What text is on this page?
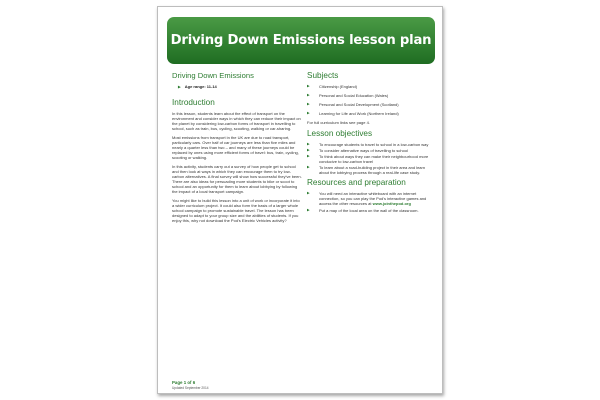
Driving Down Emissions lesson plan

Driving Down Emissions

▶ Age range: 11-14

Introduction

In this lesson, students learn about the effect of transport on the environment and consider ways in which they can reduce their impact on the planet by considering low-carbon forms of transport in travelling to school, such as train, bus, cycling, scooting, walking or car-sharing.

Most emissions from transport in the UK are due to road transport, particularly cars. Over half of car journeys are less than five miles and nearly a quarter less than two – and many of these journeys could be replaced by ones using more efficient forms of travel: bus, train, cycling, scooting or walking.

In this activity, students carry out a survey of how people get to school and then look at ways in which they can encourage them to try low-carbon alternatives. A final survey will show how successful they've been. There are also ideas for persuading more students to bike or scoot to school and an opportunity for them to learn about lobbying by following the impact of a local transport campaign.

You might like to build this lesson into a unit of work or incorporate it into a wider curriculum project. It could also form the basis of a larger whole school campaign to promote sustainable travel. The lesson has been designed to adapt to your group size and the abilities of students. If you enjoy this, why not download the Pod's Electric Vehicles activity?

Subjects

▶ Citizenship (England)
▶ Personal and Social Education (Wales)
▶ Personal and Social Development (Scotland)
▶ Learning for Life and Work (Northern Ireland)

For full curriculum links see page 4.

Lesson objectives

▶ To encourage students to travel to school in a low-carbon way
▶ To consider alternative ways of travelling to school
▶ To think about ways they can make their neighbourhood more conducive to low-carbon travel
▶ To learn about a road-building project in their area and learn about the lobbying process through a real-life case study.

Resources and preparation

▶ You will need an interactive whiteboard with an internet connection, so you can play the Pod's interactive games and access the other resources at www.jointhepod.org
▶ Put a map of the local area on the wall of the classroom.

Page 1 of 6

Updated September 2014
